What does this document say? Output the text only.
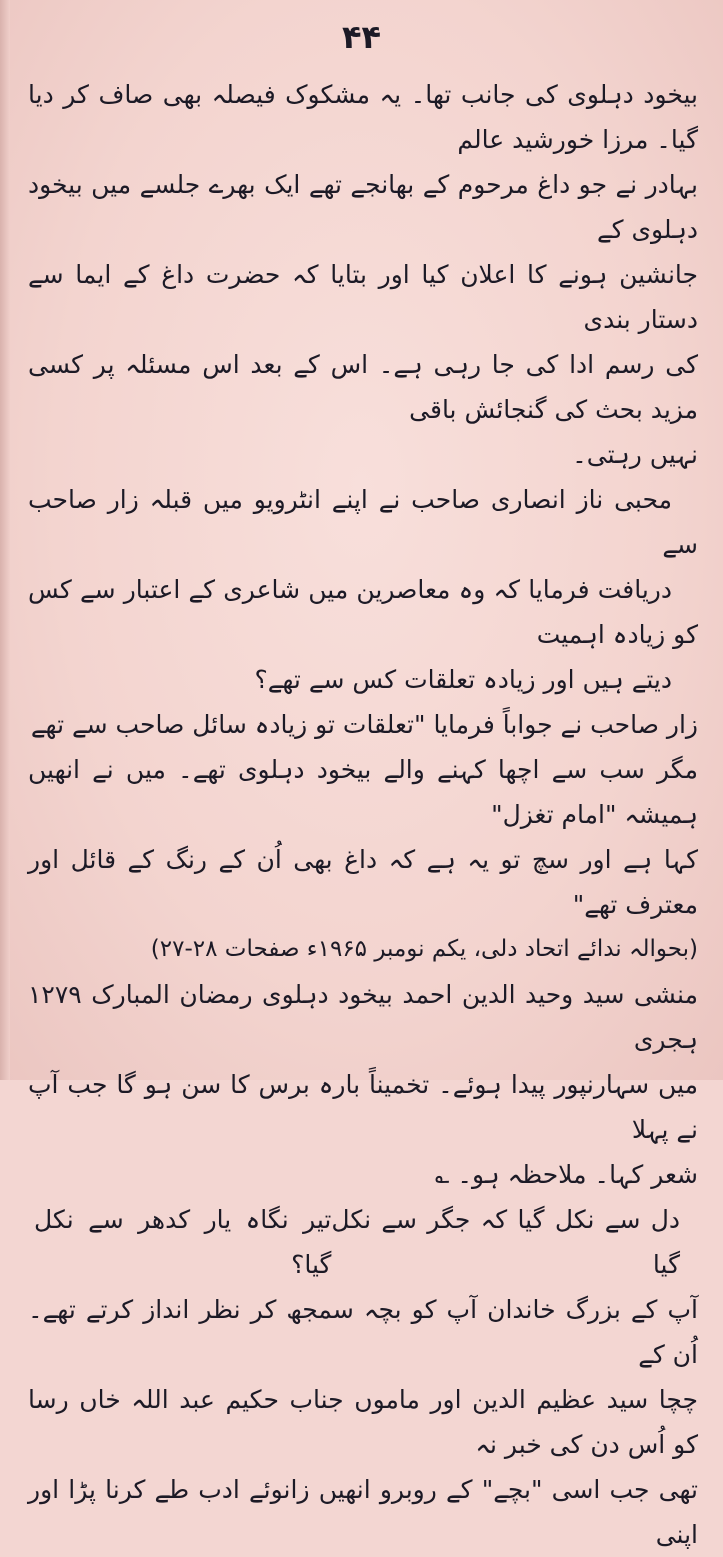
۴۴
بیخود دہلوی کی جانب تھا۔ یہ مشکوک فیصلہ بھی صاف کر دیا گیا۔ مرزا خورشید عالم
بہادر نے جو داغ مرحوم کے بھانجے تھے ایک بھرے جلسے میں بیخود دہلوی کے
جانشین ہونے کا اعلان کیا اور بتایا کہ حضرت داغ کے ایما سے دستار بندی
کی رسم ادا کی جا رہی ہے۔ اس کے بعد اس مسئلہ پر کسی مزید بحث کی گنجائش باقی
نہیں رہتی۔
محبی ناز انصاری صاحب نے اپنے انٹرویو میں قبلہ زار صاحب سے
دریافت فرمایا کہ وہ معاصرین میں شاعری کے اعتبار سے کس کو زیادہ اہمیت
دیتے ہیں اور زیادہ تعلقات کس سے تھے؟
زار صاحب نے جواباً فرمایا "تعلقات تو زیادہ سائل صاحب سے تھے
مگر سب سے اچھا کہنے والے بیخود دہلوی تھے۔ میں نے انھیں ہمیشہ "امام تغزل"
کہا ہے اور سچ تو یہ ہے کہ داغ بھی اُن کے رنگ کے قائل اور معترف تھے"
(بحوالہ ندائے اتحاد دلی، یکم نومبر ۱۹۶۵ء صفحات ۲۸-۲۷)
منشی سید وحید الدین احمد بیخود دہلوی رمضان المبارک ۱۲۷۹ ہجری
میں سہارنپور پیدا ہوئے۔ تخمیناً بارہ برس کا سن ہو گا جب آپ نے پہلا
شعر کہا۔ ملاحظہ ہو۔ ؎
دل سے نکل گیا کہ جگر سے نکل گیا
تیر نگاہ یار کدھر سے نکل گیا؟
آپ کے بزرگ خاندان آپ کو بچہ سمجھ کر نظر انداز کرتے تھے۔ اُن کے
چچا سید عظیم الدین اور ماموں جناب حکیم عبد اللہ خاں رسا کو اُس دن کی خبر نہ
تھی جب اسی "بچے" کے روبرو انھیں زانوئے ادب طے کرنا پڑا اور اپنی
